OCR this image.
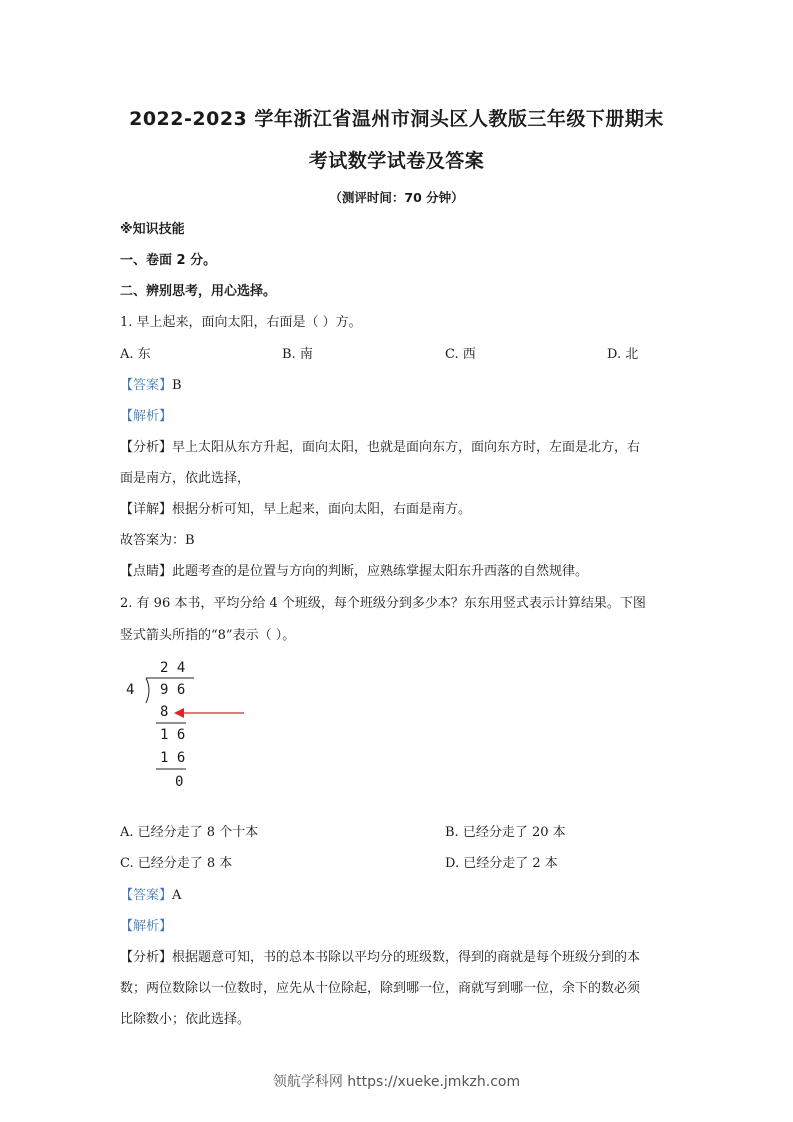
2022-2023 学年浙江省温州市洞头区人教版三年级下册期末
考试数学试卷及答案
（测评时间：70 分钟）
※知识技能
一、卷面 2 分。
二、辨别思考，用心选择。
1. 早上起来，面向太阳，右面是（ ）方。
A. 东	B. 南	C. 西	D. 北
【答案】B
【解析】
【分析】早上太阳从东方升起，面向太阳，也就是面向东方，面向东方时，左面是北方，右
面是南方，依此选择，
【详解】根据分析可知，早上起来，面向太阳，右面是南方。
故答案为：B
【点睛】此题考查的是位置与方向的判断，应熟练掌握太阳东升西落的自然规律。
2. 有 96 本书，平均分给 4 个班级，每个班级分到多少本？东东用竖式表示计算结果。下图
竖式箭头所指的“8”表示（ ）。
2 4
4 9 6
8
1 6
1 6
0
A. 已经分走了 8 个十本	B. 已经分走了 20 本
C. 已经分走了 8 本	D. 已经分走了 2 本
【答案】A
【解析】
【分析】根据题意可知，书的总本书除以平均分的班级数，得到的商就是每个班级分到的本
数；两位数除以一位数时，应先从十位除起，除到哪一位，商就写到哪一位，余下的数必须
比除数小；依此选择。
领航学科网 https://xueke.jmkzh.com
